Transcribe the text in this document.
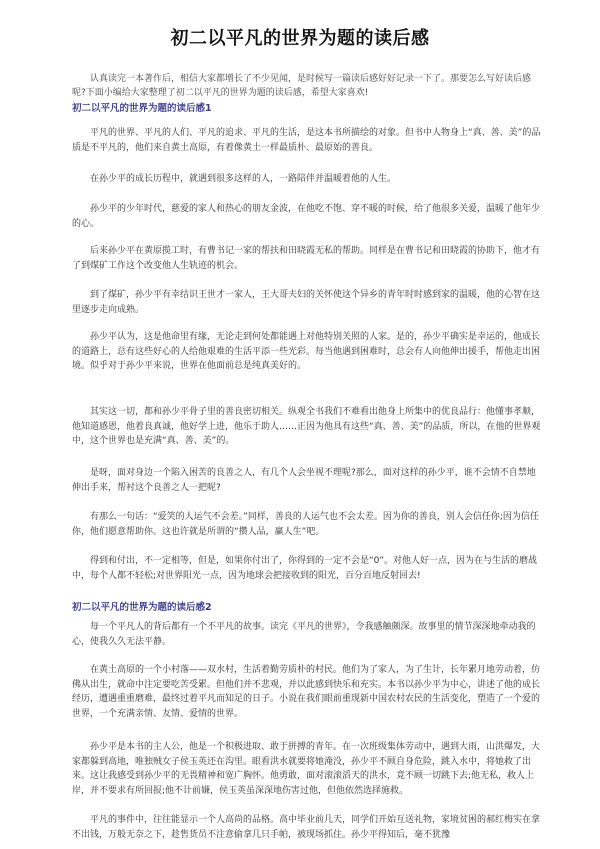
初二以平凡的世界为题的读后感
认真读完一本著作后，相信大家都增长了不少见闻，是时候写一篇读后感好好记录一下了。那要怎么写好读后感呢?下面小编给大家整理了初二以平凡的世界为题的读后感，希望大家喜欢!
初二以平凡的世界为题的读后感1
平凡的世界、平凡的人们、平凡的追求、平凡的生活，是这本书所描绘的对象。但书中人物身上“真、善、美”的品质是不平凡的，他们来自黄土高原，有着像黄土一样最质朴、最原始的善良。
在孙少平的成长历程中，就遇到很多这样的人，一路陪伴并温暖着他的人生。
孙少平的少年时代，慈爱的家人和热心的朋友金波，在他吃不饱、穿不暖的时候，给了他很多关爱，温暖了他年少的心。
后来孙少平在黄原揽工时，有曹书记一家的帮扶和田晓霞无私的帮助。同样是在曹书记和田晓霞的协助下，他才有了到煤矿工作这个改变他人生轨迹的机会。
到了煤矿，孙少平有幸结识王世才一家人，王大哥夫妇的关怀使这个异乡的青年时时感到家的温暖，他的心智在这里逐步走向成熟。
孙少平认为，这是他命里有缘，无论走到何处都能遇上对他特别关照的人家。是的，孙少平确实是幸运的，他成长的道路上，总有这些好心的人给他艰难的生活平添一些光彩。每当他遇到困难时，总会有人向他伸出援手，帮他走出困境。似乎对于孙少平来说，世界在他面前总是纯真美好的。
其实这一切，都和孙少平骨子里的善良密切相关。纵观全书我们不难看出他身上所集中的优良品行：他懂事孝顺，他知道感恩，他着良真诚，他好学上进，他乐于助人……正因为他具有这些“真、善、美”的品质，所以，在他的世界观中，这个世界也是充满“真、善、美”的。
是呀，面对身边一个陷入困苦的良善之人，有几个人会坐视不理呢?那么，面对这样的孙少平，谁不会情不自禁地伸出手来，帮衬这个良善之人一把呢?
有那么一句话：“爱笑的人运气不会差。”同样，善良的人运气也不会太差。因为你的善良，别人会信任你;因为信任你，他们愿意帮助你。这也许就是所谓的“攒人品，赢人生”吧。
得到和付出，不一定相等，但是，如果你付出了，你得到的一定不会是“0”。对他人好一点，因为在与生活的磨战中，每个人都不轻松;对世界阳光一点，因为地球会把接收到的阳光，百分百地反射回去!
初二以平凡的世界为题的读后感2
每一个平凡人的背后都有一个不平凡的故事。读完《平凡的世界》，令我感触颇深。故事里的情节深深地牵动我的心，使我久久无法平静。
在黄土高原的一个小村落——双水村，生活着勤劳质朴的村民。他们为了家人，为了生计，长年累月地劳动着，仿佛从出生，就命中注定要吃苦受累。但他们并不悲观，并以此感到快乐和充实。本书以孙少平为中心，讲述了他的成长经历，遭遇重重磨难，最终过着平凡而知足的日子。小说在我们眼前重现新中国农村农民的生活变化，塑造了一个爱的世界，一个充满亲情、友情、爱情的世界。
孙少平是本书的主人公，他是一个积极进取、敢于拼搏的青年。在一次班级集体劳动中，遇到大雨，山洪爆发，大家都躲到高地，唯独贼女子侯玉英还在沟里。眼看洪水就要将她淹没，孙少平不顾自身危险，跳入水中，将她救了出来。这让我感受到孙少平的无畏精神和宽广胸怀。他勇敢，面对滚滚滔天的洪水，竟不顾一切跳下去;他无私，救人上岸，并不要求有所回报;他不计前嫌，侯玉英虽深深地伤害过他，但他依然选择施救。
平凡的事件中，往往能显示一个人高尚的品格。高中毕业前几天，同学们开始互送礼物，家境贫困的郝红梅实在拿不出钱，万般无奈之下，趁售货员不注意偷拿几只手帕，被现场抓住。孙少平得知后，毫不犹豫
